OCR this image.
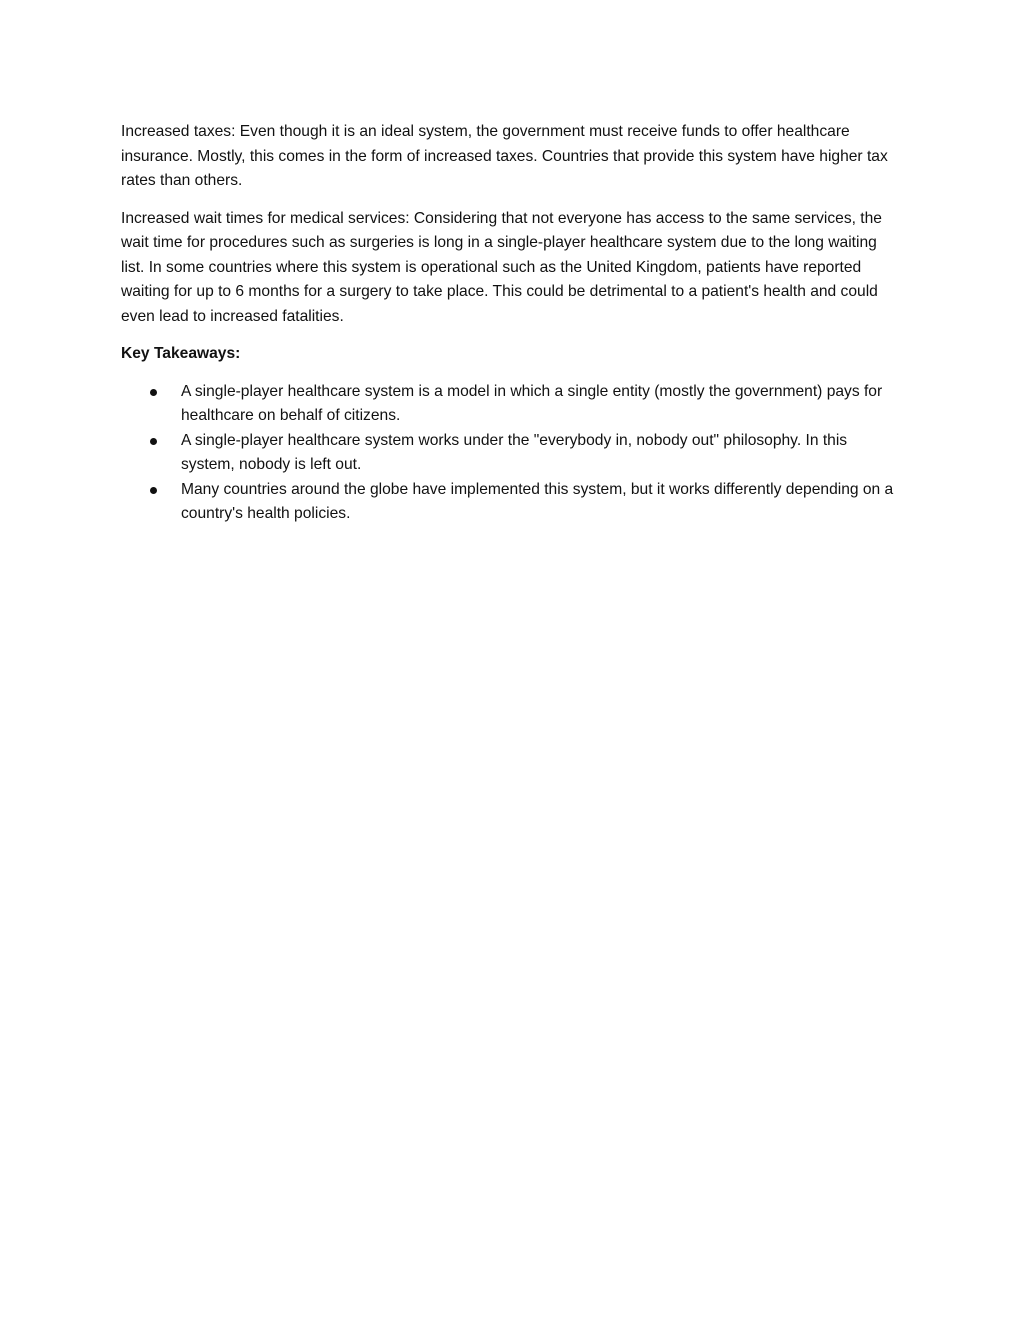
Increased taxes: Even though it is an ideal system, the government must receive funds to offer healthcare insurance. Mostly, this comes in the form of increased taxes. Countries that provide this system have higher tax rates than others.

Increased wait times for medical services: Considering that not everyone has access to the same services, the wait time for procedures such as surgeries is long in a single-player healthcare system due to the long waiting list. In some countries where this system is operational such as the United Kingdom, patients have reported waiting for up to 6 months for a surgery to take place. This could be detrimental to a patient's health and could even lead to increased fatalities.

Key Takeaways:

A single-player healthcare system is a model in which a single entity (mostly the government) pays for healthcare on behalf of citizens.
A single-player healthcare system works under the "everybody in, nobody out" philosophy. In this system, nobody is left out.
Many countries around the globe have implemented this system, but it works differently depending on a country's health policies.
